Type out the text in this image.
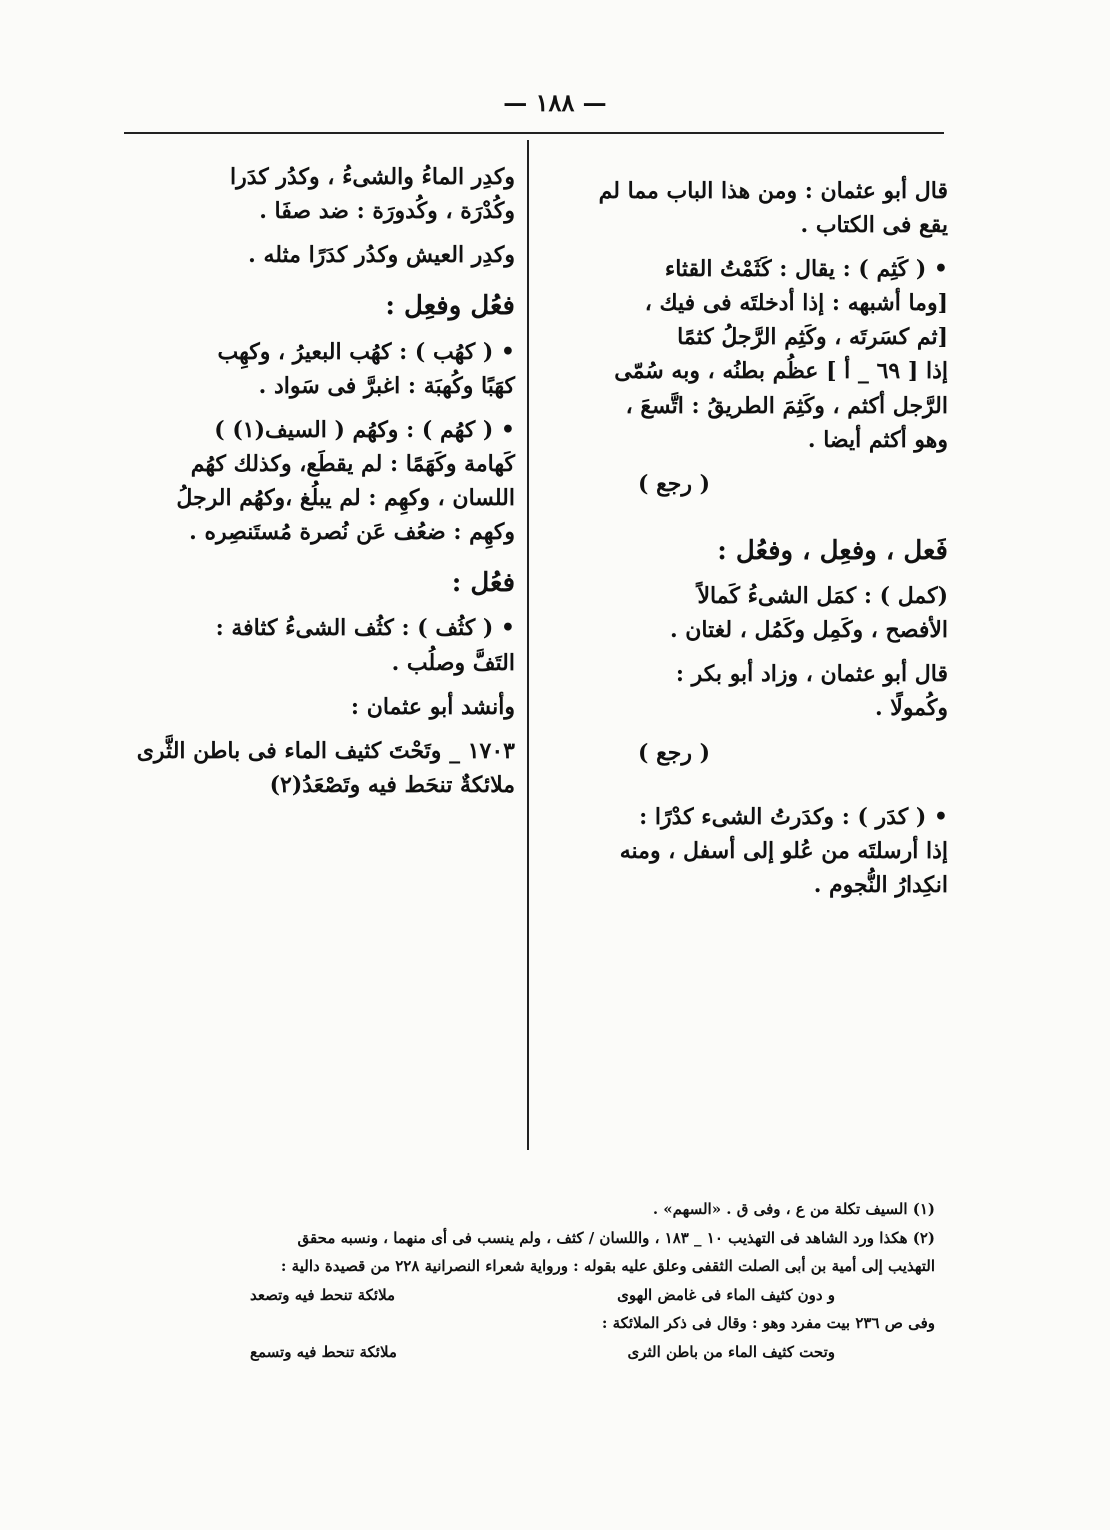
— ١٨٨ —
قال أبو عثمان : ومن هذا الباب مما لم
يقع فى الكتاب .
• ( كَثِم ) : يقال : كَثَمْتُ القثاء
[وما أشبهه : إذا أدخلتَه فى فيك ،
[ثم كسَرتَه ، وكَثِم الرَّجلُ كثمًا
إذا [ ٦٩ _ أ ] عظُم بطنُه ، وبه سُمّى
الرَّجل أكثم ، وكَثِمَ الطريقُ : اتَّسعَ ،
وهو أكثم أيضا .
( رجع )
فَعل ، وفعِل ، وفعُل :
(كمل ) : كمَل الشىءُ كَمالاً
الأفصح ، وكَمِل وكَمُل ، لغتان .
قال أبو عثمان ، وزاد أبو بكر :
وكُمولًا .
( رجع )
• ( كدَر ) : وكدَرتُ الشىء كدْرًا :
إذا أرسلتَه من عُلو إلى أسفل ، ومنه
انكِدارُ النُّجوم .
وكدِر الماءُ والشىءُ ، وكدُر كدَرا
وكُدْرَة ، وكُدورَة : ضد صفَا .
وكدِر العيش وكدُر كدَرًا مثله .
فعُل وفعِل :
• ( كهُب ) : كهُب البعيرُ ، وكهِب
كهَبًا وكُهبَة : اغبرَّ فى سَواد .
• ( كهُم ) : وكهُم ( السيف(١) )
كَهامة وكَهَمًا : لم يقطَع، وكذلك كهُم
اللسان ، وكهِم : لم يبلُغ ،وكهُم الرجلُ
وكهِم : ضعُف عَن نُصرة مُستَنصِره .
فعُل :
• ( كثُف ) : كثُف الشىءُ كثافة :
التَفَّ وصلُب .
وأنشد أبو عثمان :
١٧٠٣ _ وتَحْتَ كثيف الماء فى باطن الثَّرى
ملائكةٌ تنحَط فيه وتَصْعَدُ(٢)
(١) السيف تكلة من ع ، وفى ق . «السهم» .
(٢) هكذا ورد الشاهد فى التهذيب ١٠ _ ١٨٣ ، واللسان / كثف ، ولم ينسب فى أى منهما ، ونسبه محقق
التهذيب إلى أمية بن أبى الصلت الثقفى وعلق عليه بقوله : ورواية شعراء النصرانية ٢٢٨ من قصيدة دالية :
و دون كثيف الماء فى غامض الهوى
ملائكة تنحط فيه وتصعد
وفى ص ٢٣٦ بيت مفرد وهو : وقال فى ذكر الملائكة :
وتحت كثيف الماء من باطن الثرى
ملائكة تنحط فيه وتسمع
